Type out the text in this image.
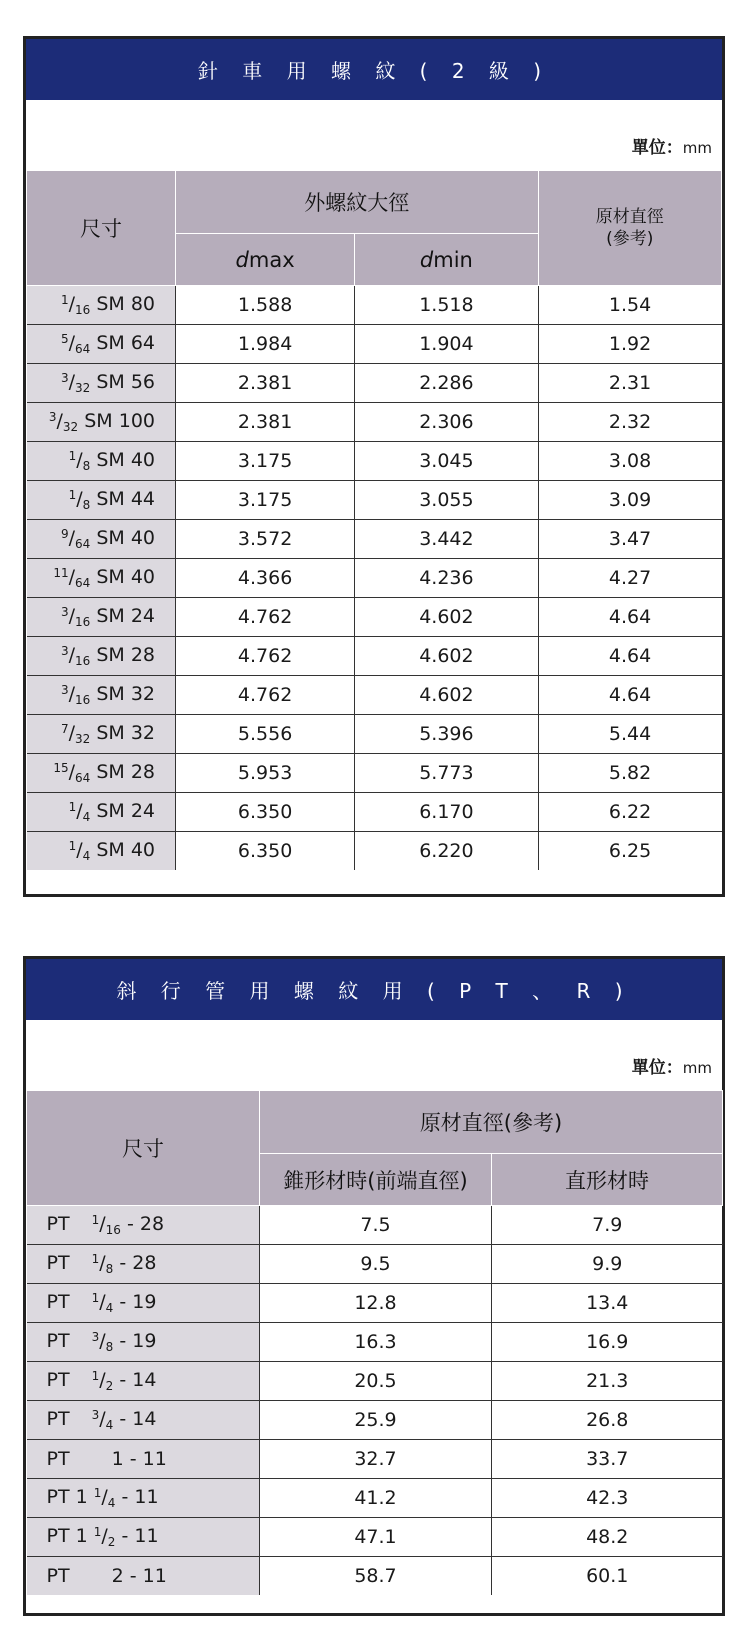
針 車 用 螺 紋 ( 2 級 )
單位：mm
尺寸	外螺紋大徑		原材直徑
(參考)
	dmax	dmin	
$^1/_{16}$ SM 80	1.588	1.518	1.54
$^5/_{64}$ SM 64	1.984	1.904	1.92
$^3/_{32}$ SM 56	2.381	2.286	2.31
$^3/_{32}$ SM 100	2.381	2.306	2.32
$^1/_8$ SM 40	3.175	3.045	3.08
$^1/_8$ SM 44	3.175	3.055	3.09
$^9/_{64}$ SM 40	3.572	3.442	3.47
$^{11}/_{64}$ SM 40	4.366	4.236	4.27
$^3/_{16}$ SM 24	4.762	4.602	4.64
$^3/_{16}$ SM 28	4.762	4.602	4.64
$^3/_{16}$ SM 32	4.762	4.602	4.64
$^7/_{32}$ SM 32	5.556	5.396	5.44
$^{15}/_{64}$ SM 28	5.953	5.773	5.82
$^1/_4$ SM 24	6.350	6.170	6.22
$^1/_4$ SM 40	6.350	6.220	6.25
斜 行 管 用 螺 紋 用 ( P T 、 R )
單位：mm
尺寸	原材直徑(參考)	
	錐形材時(前端直徑)	直形材時
PT $^1/_{16} - 28$	7.5	7.9
PT $^1/_8 - 28$	9.5	9.9
PT $^1/_4 - 19$	12.8	13.4
PT $^3/_8 - 19$	16.3	16.9
PT $^1/_2 - 14$	20.5	21.3
PT $^3/_4 - 14$	25.9	26.8
PT 1 - 11	32.7	33.7
PT 1 $^1/_4 - 11$	41.2	42.3
PT 1 $^1/_2 - 11$	47.1	48.2
PT 2 - 11	58.7	60.1
